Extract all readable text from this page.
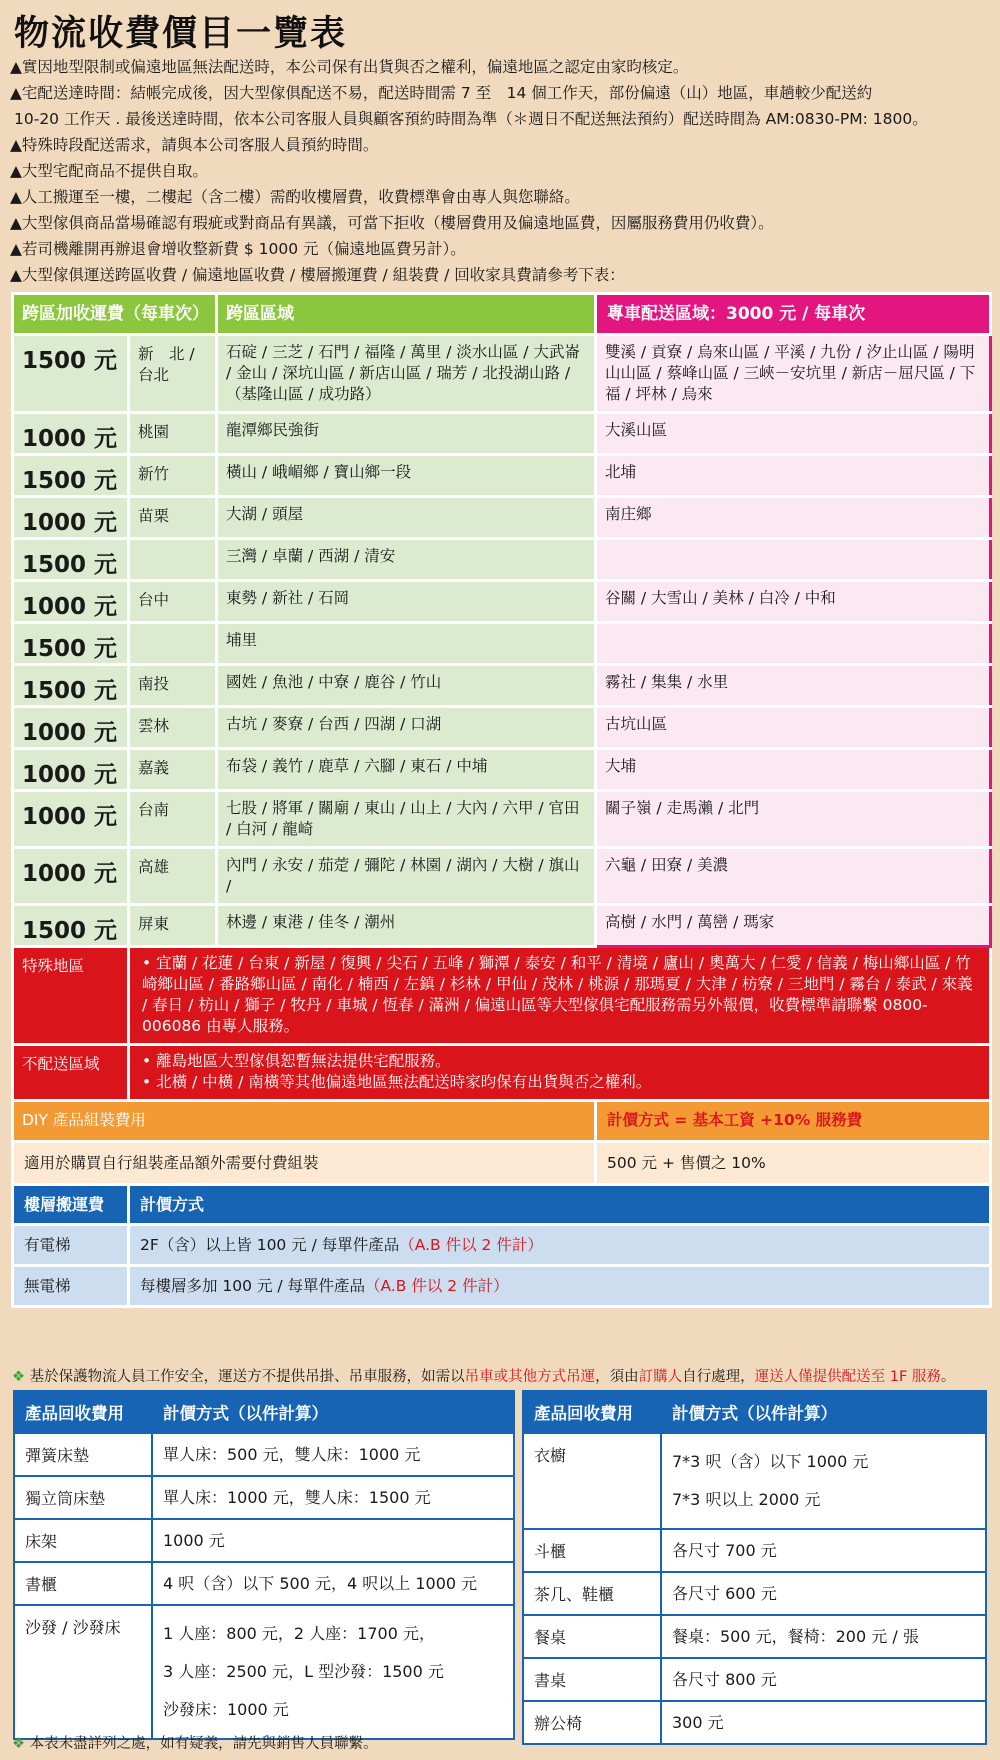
物流收費價目一覽表
▲實因地型限制或偏遠地區無法配送時，本公司保有出貨與否之權利，偏遠地區之認定由家昀核定。
▲宅配送達時間：結帳完成後，因大型傢俱配送不易，配送時間需 7 至　14 個工作天，部份偏遠（山）地區，車趟較少配送約
10-20 工作天 . 最後送達時間，依本公司客服人員與顧客預約時間為準（＊週日不配送無法預約）配送時間為 AM:0830-PM: 1800。
▲特殊時段配送需求，請與本公司客服人員預約時間。
▲大型宅配商品不提供自取。
▲人工搬運至一樓，二樓起（含二樓）需酌收樓層費，收費標準會由專人與您聯絡。
▲大型傢俱商品當場確認有瑕疵或對商品有異議，可當下拒收（樓層費用及偏遠地區費，因屬服務費用仍收費）。
▲若司機離開再辦退會增收整新費 $ 1000 元（偏遠地區費另計）。
▲大型傢俱運送跨區收費 / 偏遠地區收費 / 樓層搬運費 / 組裝費 / 回收家具費請參考下表：
跨區加收運費（每車次）		跨區區域	專車配送區域：3000 元 / 每車次
1500 元	新　北 / 台北	石碇 / 三芝 / 石門 / 福隆 / 萬里 / 淡水山區 / 大武崙 / 金山 / 深坑山區 / 新店山區 / 瑞芳 / 北投湖山路 /（基隆山區 / 成功路）	雙溪 / 貢寮 / 烏來山區 / 平溪 / 九份 / 汐止山區 / 陽明山山區 / 蔡峰山區 / 三峽－安坑里 / 新店－屈尺區 / 下福 / 坪林 / 烏來
1000 元	桃園	龍潭鄉民強街	大溪山區
1500 元	新竹	橫山 / 峨嵋鄉 / 寶山鄉一段	北埔
1000 元	苗栗	大湖 / 頭屋	南庄鄉
1500 元		三灣 / 卓蘭 / 西湖 / 清安	
1000 元	台中	東勢 / 新社 / 石岡	谷關 / 大雪山 / 美林 / 白冷 / 中和
1500 元		埔里	
1500 元	南投	國姓 / 魚池 / 中寮 / 鹿谷 / 竹山	霧社 / 集集 / 水里
1000 元	雲林	古坑 / 麥寮 / 台西 / 四湖 / 口湖	古坑山區
1000 元	嘉義	布袋 / 義竹 / 鹿草 / 六腳 / 東石 / 中埔	大埔
1000 元	台南	七股 / 將軍 / 關廟 / 東山 / 山上 / 大內 / 六甲 / 官田 / 白河 / 龍崎	關子嶺 / 走馬瀨 / 北門
1000 元	高雄	內門 / 永安 / 茄萣 / 彌陀 / 林園 / 湖內 / 大樹 / 旗山 /	六龜 / 田寮 / 美濃
1500 元	屏東	林邊 / 東港 / 佳冬 / 潮州	高樹 / 水門 / 萬巒 / 瑪家
特殊地區	• 宜蘭 / 花蓮 / 台東 / 新屋 / 復興 / 尖石 / 五峰 / 獅潭 / 泰安 / 和平 / 清境 / 廬山 / 奧萬大 / 仁愛 / 信義 / 梅山鄉山區 / 竹崎鄉山區 / 番路鄉山區 / 南化 / 楠西 / 左鎮 / 杉林 / 甲仙 / 茂林 / 桃源 / 那瑪夏 / 大津 / 枋寮 / 三地門 / 霧台 / 泰武 / 來義 / 春日 / 枋山 / 獅子 / 牧丹 / 車城 / 恆春 / 滿洲 / 偏遠山區等大型傢俱宅配服務需另外報價，收費標準請聯繫 0800-006086 由專人服務。		
不配送區域	• 離島地區大型傢俱恕暫無法提供宅配服務。
• 北橫 / 中橫 / 南橫等其他偏遠地區無法配送時家昀保有出貨與否之權利。		

DIY 產品組裝費用			計價方式 = 基本工資 +10% 服務費
適用於購買自行組裝產品額外需要付費組裝			500 元 + 售價之 10%
樓層搬運費	計價方式		
有電梯	2F（含）以上皆 100 元 / 每單件產品（A.B 件以 2 件計）		
無電梯	每樓層多加 100 元 / 每單件產品（A.B 件以 2 件計）		
❖ 基於保護物流人員工作安全，運送方不提供吊掛、吊車服務，如需以吊車或其他方式吊運，須由訂購人自行處理，運送人僅提供配送至 1F 服務。
產品回收費用	計價方式（以件計算）
彈簧床墊	單人床：500 元，雙人床：1000 元

獨立筒床墊	單人床：1000 元，雙人床：1500 元

床架	1000 元

書櫃	4 呎（含）以下 500 元，4 呎以上 1000 元

沙發 / 沙發床	1 人座：800 元，2 人座：1700 元，
3 人座：2500 元，L 型沙發：1500 元
沙發床：1000 元
產品回收費用	計價方式（以件計算）
衣櫥	7*3 呎（含）以下 1000 元
7*3 呎以上 2000 元

斗櫃	各尺寸 700 元

茶几、鞋櫃	各尺寸 600 元

餐桌	餐桌：500 元，餐椅：200 元 / 張

書桌	各尺寸 800 元

辦公椅	300 元
❖ 本表未盡詳列之處，如有疑義，請先與銷售人員聯繫。
